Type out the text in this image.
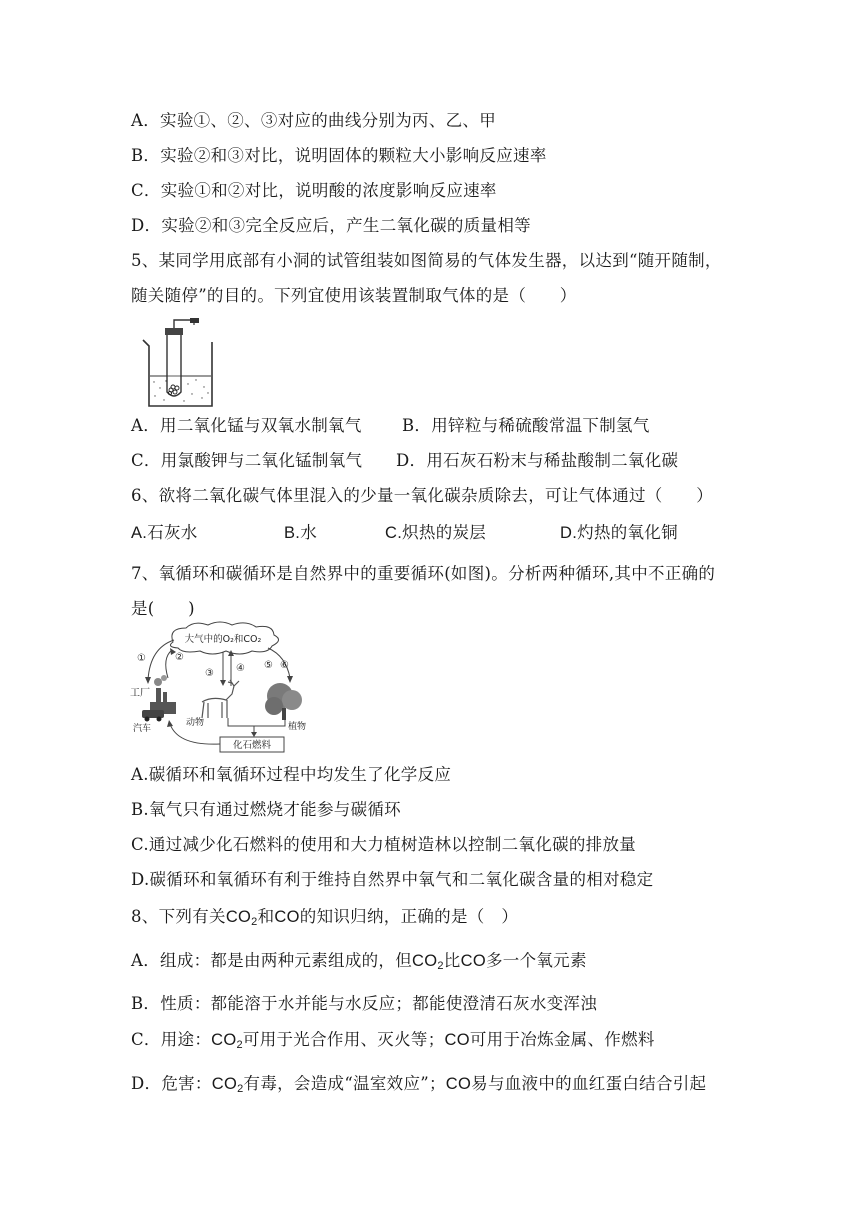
A．实验①、②、③对应的曲线分别为丙、乙、甲
B．实验②和③对比，说明固体的颗粒大小影响反应速率
C．实验①和②对比，说明酸的浓度影响反应速率
D．实验②和③完全反应后，产生二氧化碳的质量相等
5、某同学用底部有小洞的试管组装如图简易的气体发生器，以达到“随开随制，
随关随停”的目的。下列宜使用该装置制取气体的是（　　）
A．用二氧化锰与双氧水制氧气 B．用锌粒与稀硫酸常温下制氢气
C．用氯酸钾与二氧化锰制氧气 D．用石灰石粉末与稀盐酸制二氧化碳
6、欲将二氧化碳气体里混入的少量一氧化碳杂质除去，可让气体通过（　　）
A.石灰水	B.水	C.炽热的炭层	D.灼热的氧化铜
7、氧循环和碳循环是自然界中的重要循环(如图)。分析两种循环,其中不正确的
是(　　)
大气中的O₂和CO₂
①	②
③ ④ ⑤ ⑥
工厂
汽车
动物	植物
化石燃料
A.碳循环和氧循环过程中均发生了化学反应
B.氧气只有通过燃烧才能参与碳循环
C.通过减少化石燃料的使用和大力植树造林以控制二氧化碳的排放量
D.碳循环和氧循环有利于维持自然界中氧气和二氧化碳含量的相对稳定
8、下列有关$CO_2$和CO的知识归纳，正确的是（　）
A．组成：都是由两种元素组成的，但$CO_2$比CO多一个氧元素
B．性质：都能溶于水并能与水反应；都能使澄清石灰水变浑浊
C．用途：$CO_2$可用于光合作用、灭火等；CO可用于冶炼金属、作燃料
D．危害：$CO_2$有毒，会造成“温室效应”；CO易与血液中的血红蛋白结合引起
